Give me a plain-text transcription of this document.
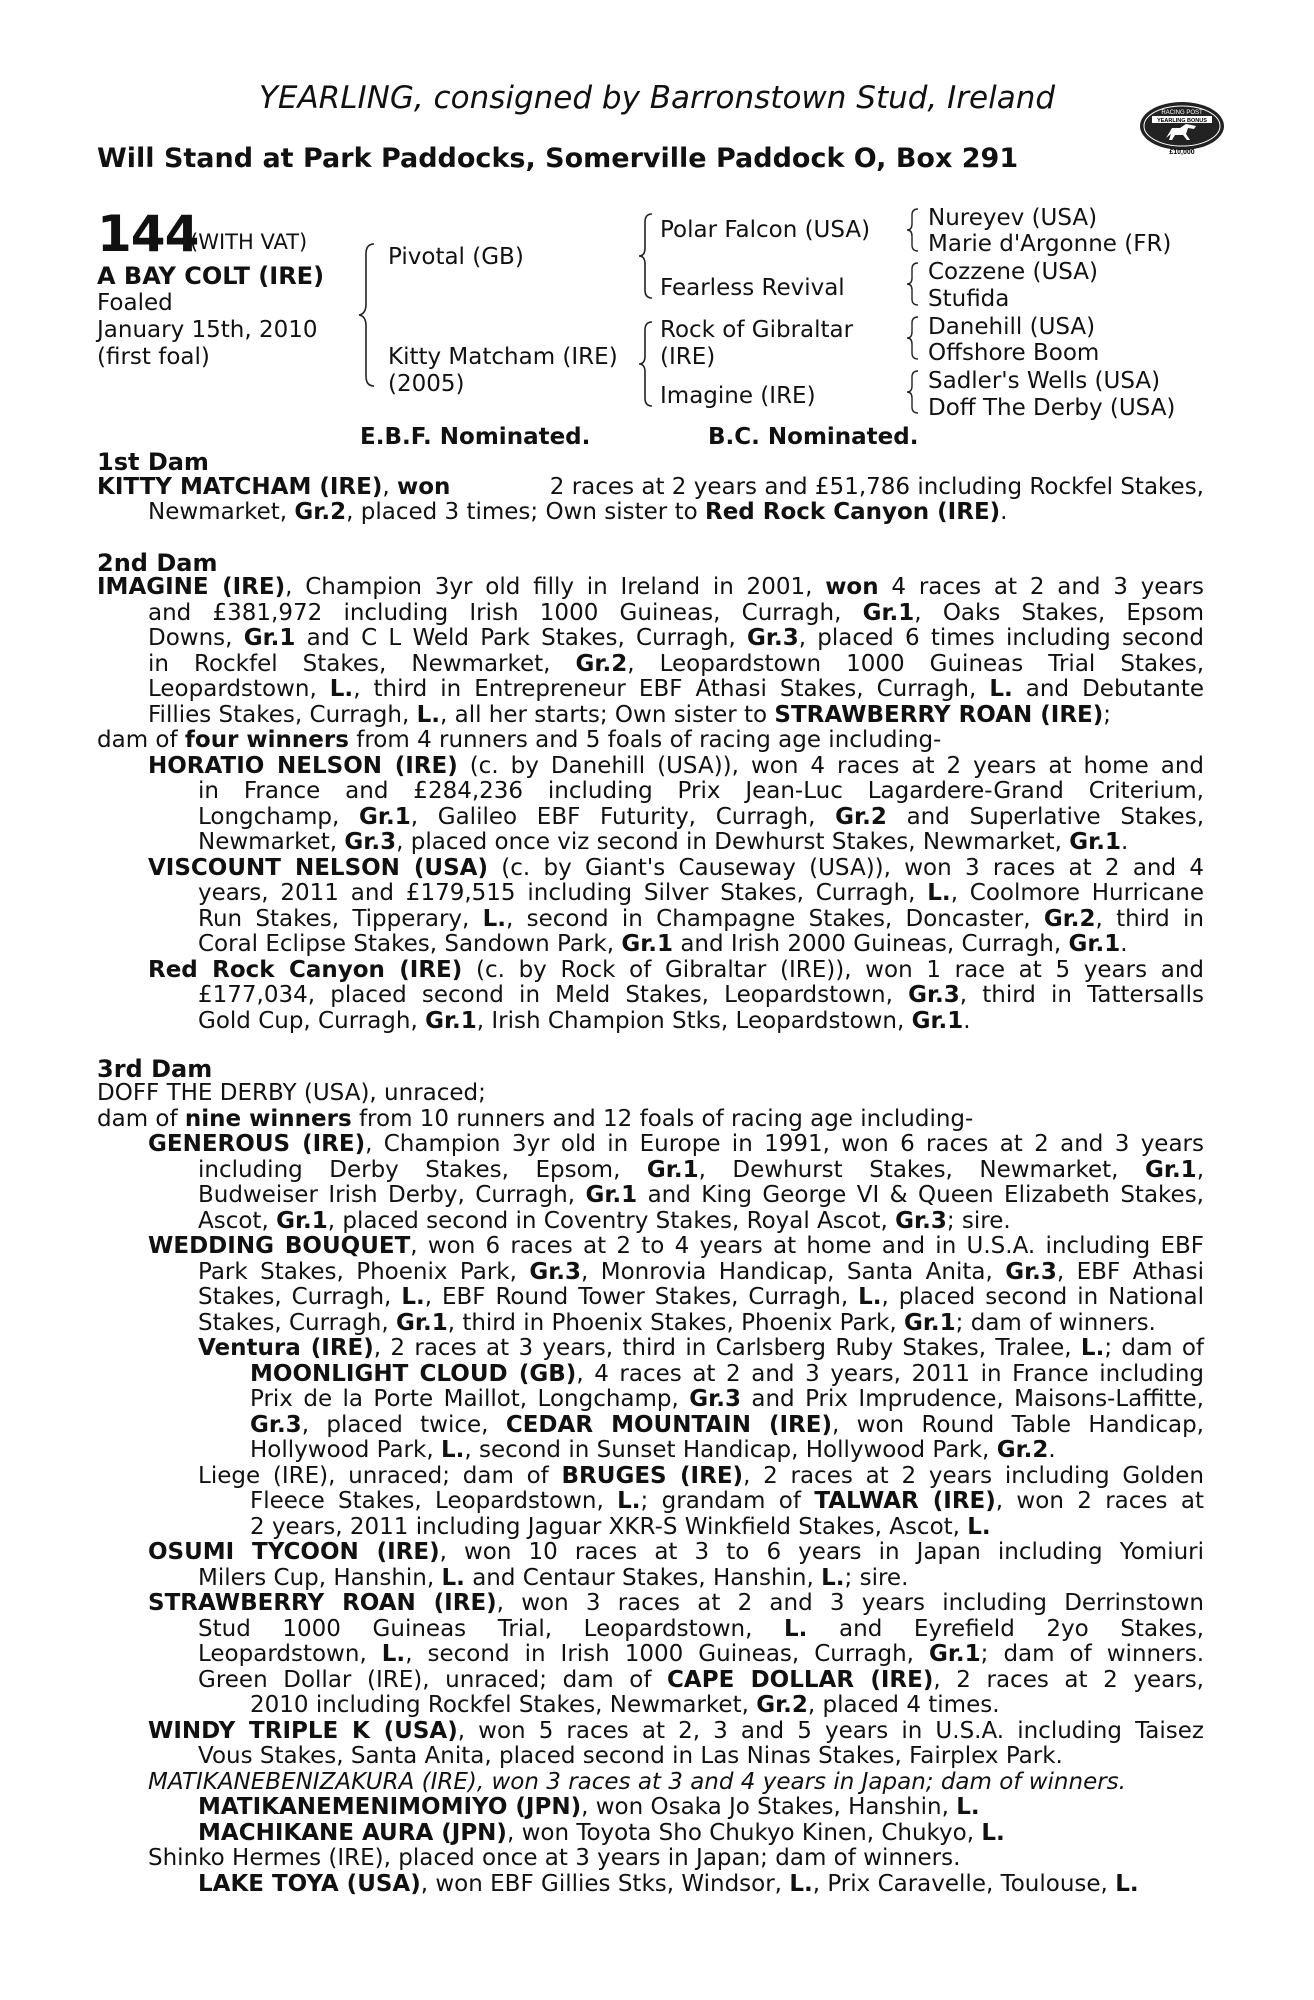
YEARLING, consigned by Barronstown Stud, Ireland
Will Stand at Park Paddocks, Somerville Paddock O, Box 291
RACING POST
YEARLING BONUS
£10,000
144
(WITH VAT)
A BAY COLT (IRE)
Foaled
January 15th, 2010
(first foal)
Pivotal (GB)
Kitty Matcham (IRE)
(2005)
Polar Falcon (USA)
Fearless Revival
Rock of Gibraltar
(IRE)
Imagine (IRE)
Nureyev (USA)
Marie d'Argonne (FR)
Cozzene (USA)
Stufida
Danehill (USA)
Offshore Boom
Sadler's Wells (USA)
Doff The Derby (USA)
E.B.F. Nominated.	B.C. Nominated.
1st Dam
KITTY MATCHAM (IRE), won	2 races at 2 years and £51,786 including Rockfel Stakes,
Newmarket, Gr.2, placed 3 times; Own sister to Red Rock Canyon (IRE).
2nd Dam
IMAGINE (IRE), Champion 3yr old filly in Ireland in 2001, won 4 races at 2 and 3 years
and £381,972 including Irish 1000 Guineas, Curragh, Gr.1, Oaks Stakes, Epsom
Downs, Gr.1 and C L Weld Park Stakes, Curragh, Gr.3, placed 6 times including second
in Rockfel Stakes, Newmarket, Gr.2, Leopardstown 1000 Guineas Trial Stakes,
Leopardstown, L., third in Entrepreneur EBF Athasi Stakes, Curragh, L. and Debutante
Fillies Stakes, Curragh, L., all her starts; Own sister to STRAWBERRY ROAN (IRE);
dam of four winners from 4 runners and 5 foals of racing age including-
HORATIO NELSON (IRE) (c. by Danehill (USA)), won 4 races at 2 years at home and
in France and £284,236 including Prix Jean-Luc Lagardere-Grand Criterium,
Longchamp, Gr.1, Galileo EBF Futurity, Curragh, Gr.2 and Superlative Stakes,
Newmarket, Gr.3, placed once viz second in Dewhurst Stakes, Newmarket, Gr.1.
VISCOUNT NELSON (USA) (c. by Giant's Causeway (USA)), won 3 races at 2 and 4
years, 2011 and £179,515 including Silver Stakes, Curragh, L., Coolmore Hurricane
Run Stakes, Tipperary, L., second in Champagne Stakes, Doncaster, Gr.2, third in
Coral Eclipse Stakes, Sandown Park, Gr.1 and Irish 2000 Guineas, Curragh, Gr.1.
Red Rock Canyon (IRE) (c. by Rock of Gibraltar (IRE)), won 1 race at 5 years and
£177,034, placed second in Meld Stakes, Leopardstown, Gr.3, third in Tattersalls
Gold Cup, Curragh, Gr.1, Irish Champion Stks, Leopardstown, Gr.1.
3rd Dam
DOFF THE DERBY (USA), unraced;
dam of nine winners from 10 runners and 12 foals of racing age including-
GENEROUS (IRE), Champion 3yr old in Europe in 1991, won 6 races at 2 and 3 years
including Derby Stakes, Epsom, Gr.1, Dewhurst Stakes, Newmarket, Gr.1,
Budweiser Irish Derby, Curragh, Gr.1 and King George VI & Queen Elizabeth Stakes,
Ascot, Gr.1, placed second in Coventry Stakes, Royal Ascot, Gr.3; sire.
WEDDING BOUQUET, won 6 races at 2 to 4 years at home and in U.S.A. including EBF
Park Stakes, Phoenix Park, Gr.3, Monrovia Handicap, Santa Anita, Gr.3, EBF Athasi
Stakes, Curragh, L., EBF Round Tower Stakes, Curragh, L., placed second in National
Stakes, Curragh, Gr.1, third in Phoenix Stakes, Phoenix Park, Gr.1; dam of winners.
Ventura (IRE), 2 races at 3 years, third in Carlsberg Ruby Stakes, Tralee, L.; dam of
MOONLIGHT CLOUD (GB), 4 races at 2 and 3 years, 2011 in France including
Prix de la Porte Maillot, Longchamp, Gr.3 and Prix Imprudence, Maisons-Laffitte,
Gr.3, placed twice, CEDAR MOUNTAIN (IRE), won Round Table Handicap,
Hollywood Park, L., second in Sunset Handicap, Hollywood Park, Gr.2.
Liege (IRE), unraced; dam of BRUGES (IRE), 2 races at 2 years including Golden
Fleece Stakes, Leopardstown, L.; grandam of TALWAR (IRE), won 2 races at
2 years, 2011 including Jaguar XKR-S Winkfield Stakes, Ascot, L.
OSUMI TYCOON (IRE), won 10 races at 3 to 6 years in Japan including Yomiuri
Milers Cup, Hanshin, L. and Centaur Stakes, Hanshin, L.; sire.
STRAWBERRY ROAN (IRE), won 3 races at 2 and 3 years including Derrinstown
Stud 1000 Guineas Trial, Leopardstown, L. and Eyrefield 2yo Stakes,
Leopardstown, L., second in Irish 1000 Guineas, Curragh, Gr.1; dam of winners.
Green Dollar (IRE), unraced; dam of CAPE DOLLAR (IRE), 2 races at 2 years,
2010 including Rockfel Stakes, Newmarket, Gr.2, placed 4 times.
WINDY TRIPLE K (USA), won 5 races at 2, 3 and 5 years in U.S.A. including Taisez
Vous Stakes, Santa Anita, placed second in Las Ninas Stakes, Fairplex Park.
MATIKANEBENIZAKURA (IRE), won 3 races at 3 and 4 years in Japan; dam of winners.
MATIKANEMENIMOMIYO (JPN), won Osaka Jo Stakes, Hanshin, L.
MACHIKANE AURA (JPN), won Toyota Sho Chukyo Kinen, Chukyo, L.
Shinko Hermes (IRE), placed once at 3 years in Japan; dam of winners.
LAKE TOYA (USA), won EBF Gillies Stks, Windsor, L., Prix Caravelle, Toulouse, L.
